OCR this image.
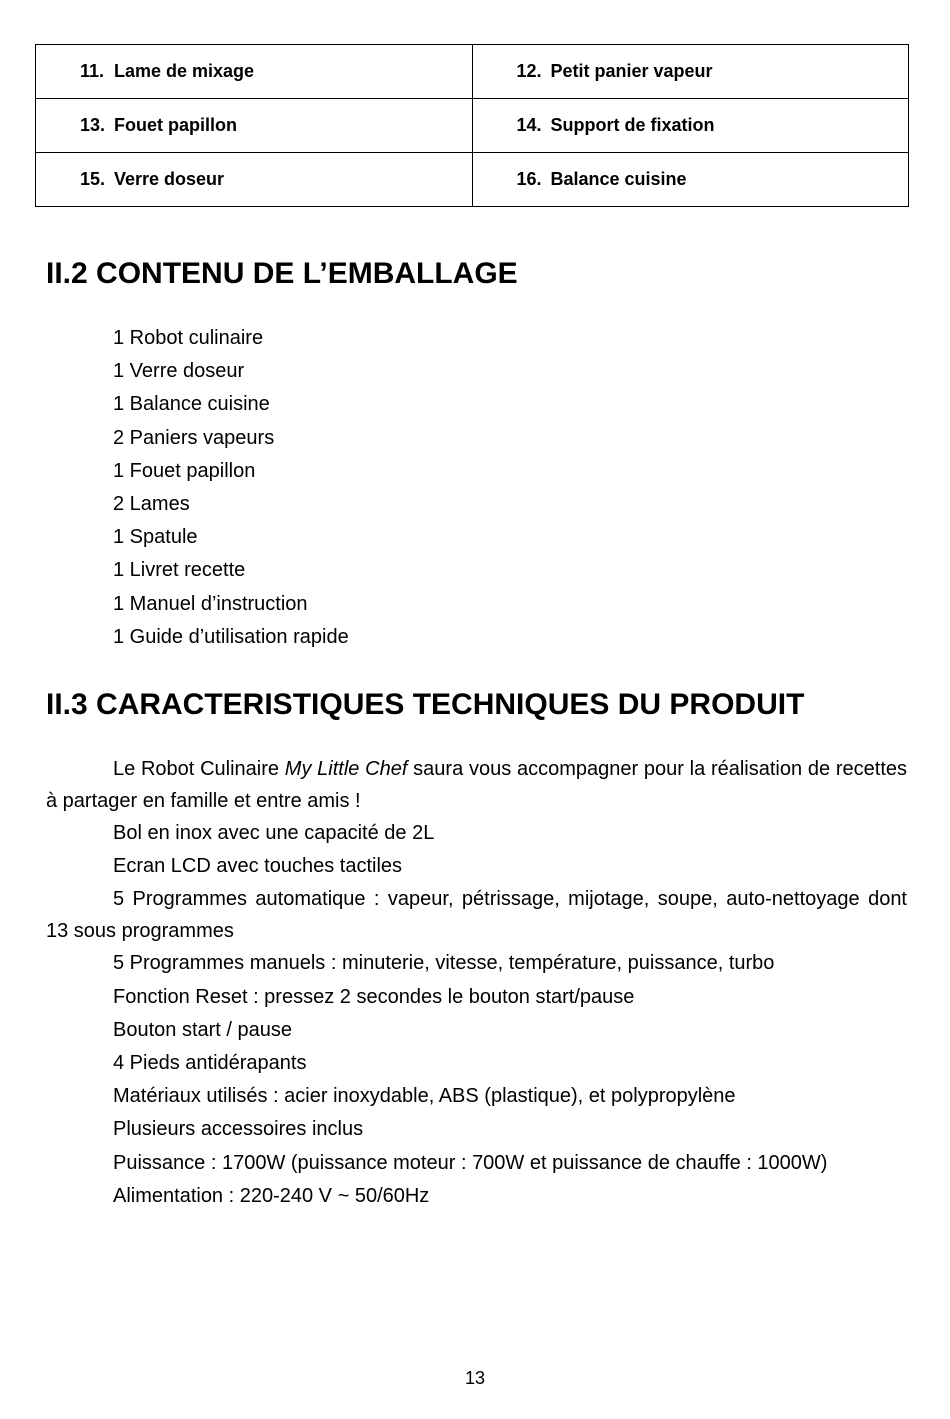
11. Lame de mixage	12. Petit panier vapeur
13. Fouet papillon	14. Support de fixation
15. Verre doseur	16. Balance cuisine
II.2 CONTENU DE L’EMBALLAGE
1 Robot culinaire
1 Verre doseur
1 Balance cuisine
2 Paniers vapeurs
1 Fouet papillon
2 Lames
1 Spatule
1 Livret recette
1 Manuel d’instruction
1 Guide d’utilisation rapide
II.3 CARACTERISTIQUES TECHNIQUES DU PRODUIT
Le Robot Culinaire My Little Chef saura vous accompagner pour la réalisation de recettes à partager en famille et entre amis !
Bol en inox avec une capacité de 2L
Ecran LCD avec touches tactiles
5 Programmes automatique : vapeur, pétrissage, mijotage, soupe, auto-nettoyage dont 13 sous programmes
5 Programmes manuels : minuterie, vitesse, température, puissance, turbo
Fonction Reset : pressez 2 secondes le bouton start/pause
Bouton start / pause
4 Pieds antidérapants
Matériaux utilisés : acier inoxydable, ABS (plastique), et polypropylène
Plusieurs accessoires inclus
Puissance : 1700W (puissance moteur : 700W et puissance de chauffe : 1000W)
Alimentation : 220-240 V ~ 50/60Hz
13
